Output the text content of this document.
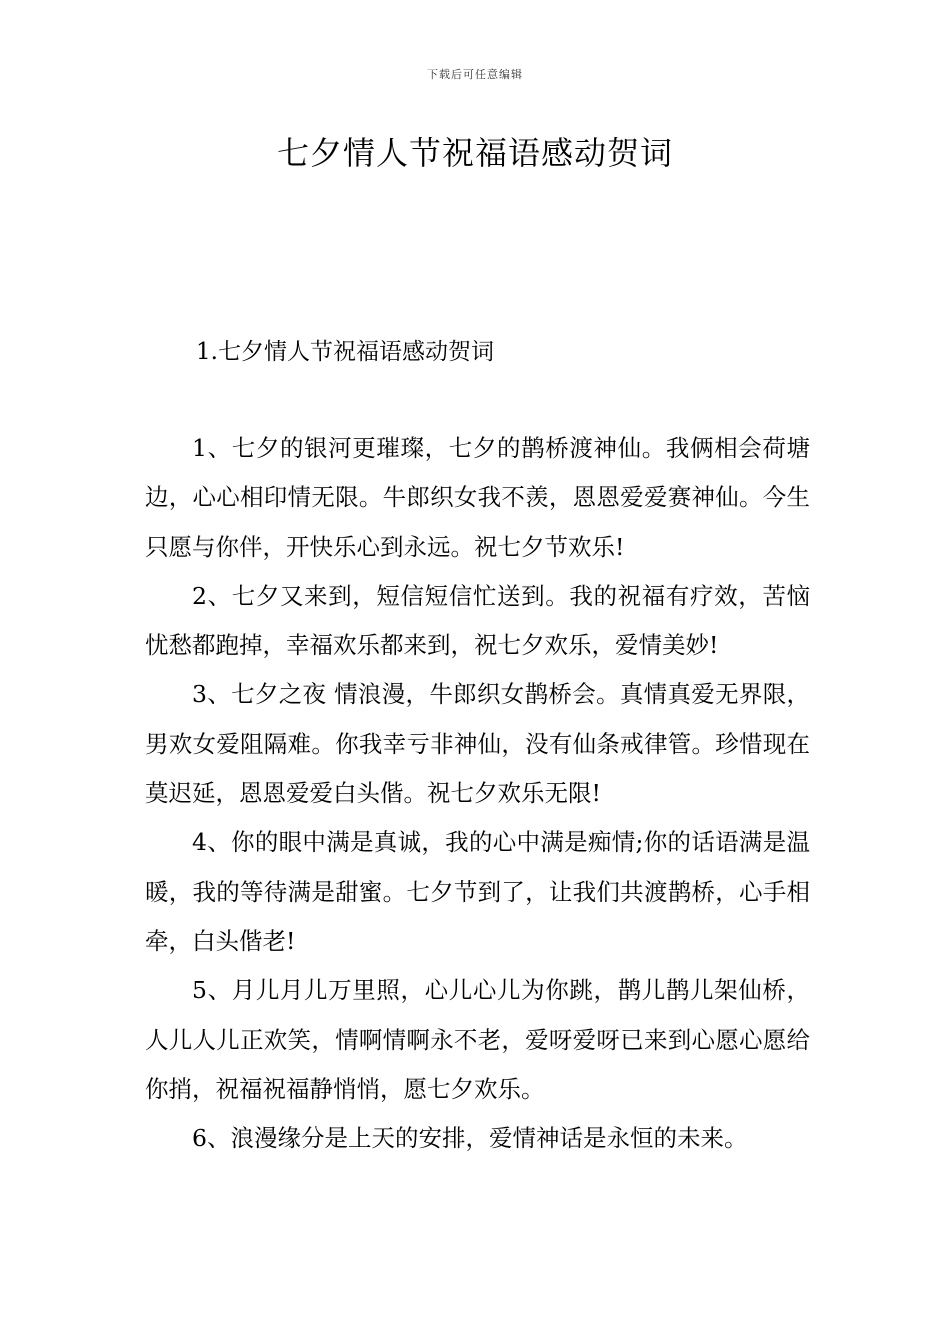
下载后可任意编辑
七夕情人节祝福语感动贺词
1.七夕情人节祝福语感动贺词

1、七夕的银河更璀璨，七夕的鹊桥渡神仙。我俩相会荷塘边，心心相印情无限。牛郎织女我不羡，恩恩爱爱赛神仙。今生只愿与你伴，开快乐心到永远。祝七夕节欢乐!

2、七夕又来到，短信短信忙送到。我的祝福有疗效，苦恼忧愁都跑掉，幸福欢乐都来到，祝七夕欢乐，爱情美妙!

3、七夕之夜 情浪漫，牛郎织女鹊桥会。真情真爱无界限，男欢女爱阻隔难。你我幸亏非神仙，没有仙条戒律管。珍惜现在莫迟延，恩恩爱爱白头偕。祝七夕欢乐无限!

4、你的眼中满是真诚，我的心中满是痴情;你的话语满是温暖，我的等待满是甜蜜。七夕节到了，让我们共渡鹊桥，心手相牵，白头偕老!

5、月儿月儿万里照，心儿心儿为你跳，鹊儿鹊儿架仙桥，人儿人儿正欢笑，情啊情啊永不老，爱呀爱呀已来到心愿心愿给你捎，祝福祝福静悄悄，愿七夕欢乐。

6、浪漫缘分是上天的安排，爱情神话是永恒的未来。
